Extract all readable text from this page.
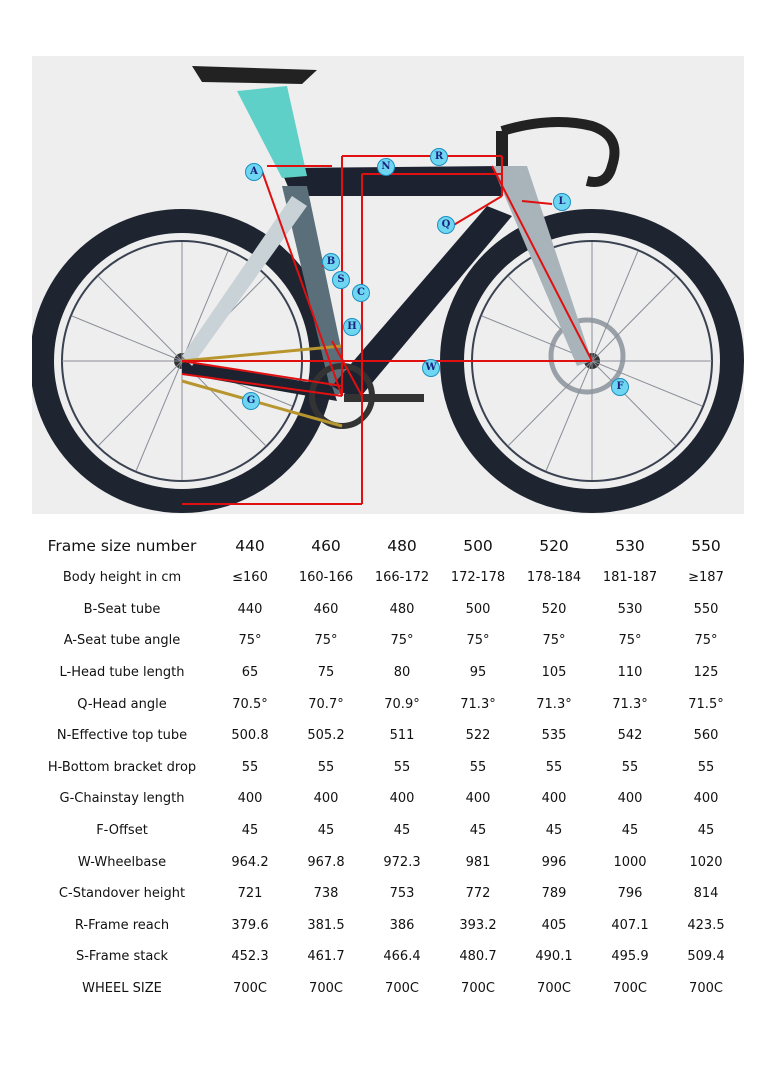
A	N
R
Q
L
B
S
C
H
W
G
F
Frame size number	440	460	480	500	520	530	550
Body height in cm	≤160	160-166	166-172	172-178	178-184	181-187	≥187
B-Seat tube	440	460	480	500	520	530	550
A-Seat tube angle	75°	75°	75°	75°	75°	75°	75°
L-Head tube length	65	75	80	95	105	110	125
Q-Head angle	70.5°	70.7°	70.9°	71.3°	71.3°	71.3°	71.5°
N-Effective top tube	500.8	505.2	511	522	535	542	560
H-Bottom bracket drop	55	55	55	55	55	55	55
G-Chainstay length	400	400	400	400	400	400	400
F-Offset	45	45	45	45	45	45	45
W-Wheelbase	964.2	967.8	972.3	981	996	1000	1020
C-Standover height	721	738	753	772	789	796	814
R-Frame reach	379.6	381.5	386	393.2	405	407.1	423.5
S-Frame stack	452.3	461.7	466.4	480.7	490.1	495.9	509.4
WHEEL SIZE	700C	700C	700C	700C	700C	700C	700C
